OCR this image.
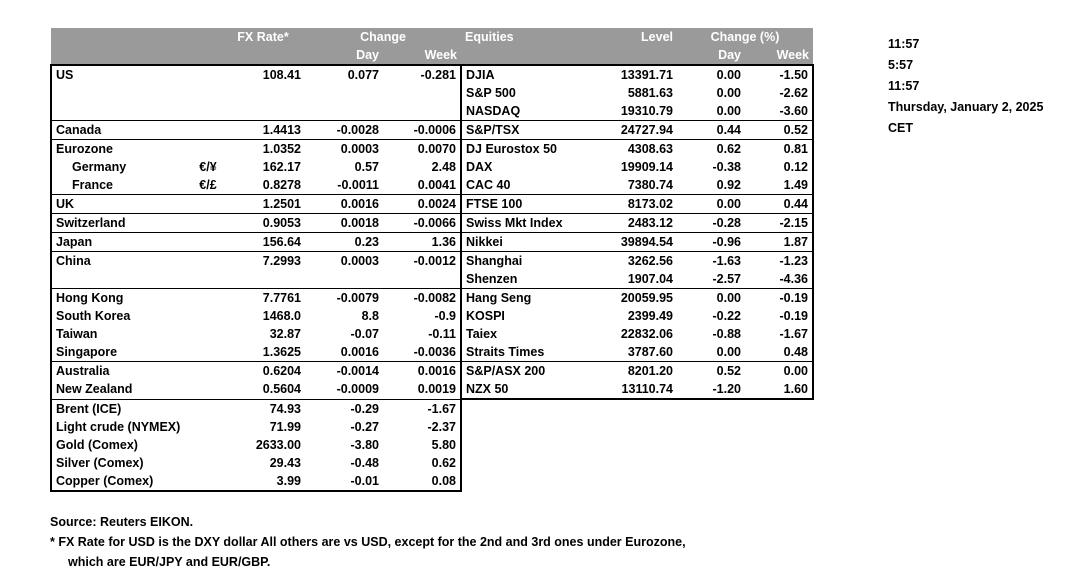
		FX Rate*	Change		Equities	Level	Change (%)	
			Day	Week			Day	Week
US		108.41	0.077	-0.281	DJIA	13391.71	0.00	-1.50
					S&P 500	5881.63	0.00	-2.62
					NASDAQ	19310.79	0.00	-3.60
Canada		1.4413	-0.0028	-0.0006	S&P/TSX	24727.94	0.44	0.52
Eurozone		1.0352	0.0003	0.0070	DJ Eurostox 50	4308.63	0.62	0.81
Germany	€/¥	162.17	0.57	2.48	DAX	19909.14	-0.38	0.12
France	€/£	0.8278	-0.0011	0.0041	CAC 40	7380.74	0.92	1.49
UK		1.2501	0.0016	0.0024	FTSE 100	8173.02	0.00	0.44
Switzerland		0.9053	0.0018	-0.0066	Swiss Mkt Index	2483.12	-0.28	-2.15
Japan		156.64	0.23	1.36	Nikkei	39894.54	-0.96	1.87
China		7.2993	0.0003	-0.0012	Shanghai	3262.56	-1.63	-1.23
					Shenzen	1907.04	-2.57	-4.36
Hong Kong		7.7761	-0.0079	-0.0082	Hang Seng	20059.95	0.00	-0.19
South Korea		1468.0	8.8	-0.9	KOSPI	2399.49	-0.22	-0.19
Taiwan		32.87	-0.07	-0.11	Taiex	22832.06	-0.88	-1.67
Singapore		1.3625	0.0016	-0.0036	Straits Times	3787.60	0.00	0.48
Australia		0.6204	-0.0014	0.0016	S&P/ASX 200	8201.20	0.52	0.00
New Zealand		0.5604	-0.0009	0.0019	NZX 50	13110.74	-1.20	1.60
Brent (ICE)		74.93	-0.29	-1.67				
Light crude (NYMEX)		71.99	-0.27	-2.37				
Gold (Comex)		2633.00	-3.80	5.80				
Silver (Comex)		29.43	-0.48	0.62				
Copper (Comex)		3.99	-0.01	0.08				
11:57
5:57
11:57
Thursday, January 2, 2025
CET
Source: Reuters EIKON.
* FX Rate for USD is the DXY dollar All others are vs USD, except for the 2nd and 3rd ones under Eurozone,
which are EUR/JPY and EUR/GBP.
